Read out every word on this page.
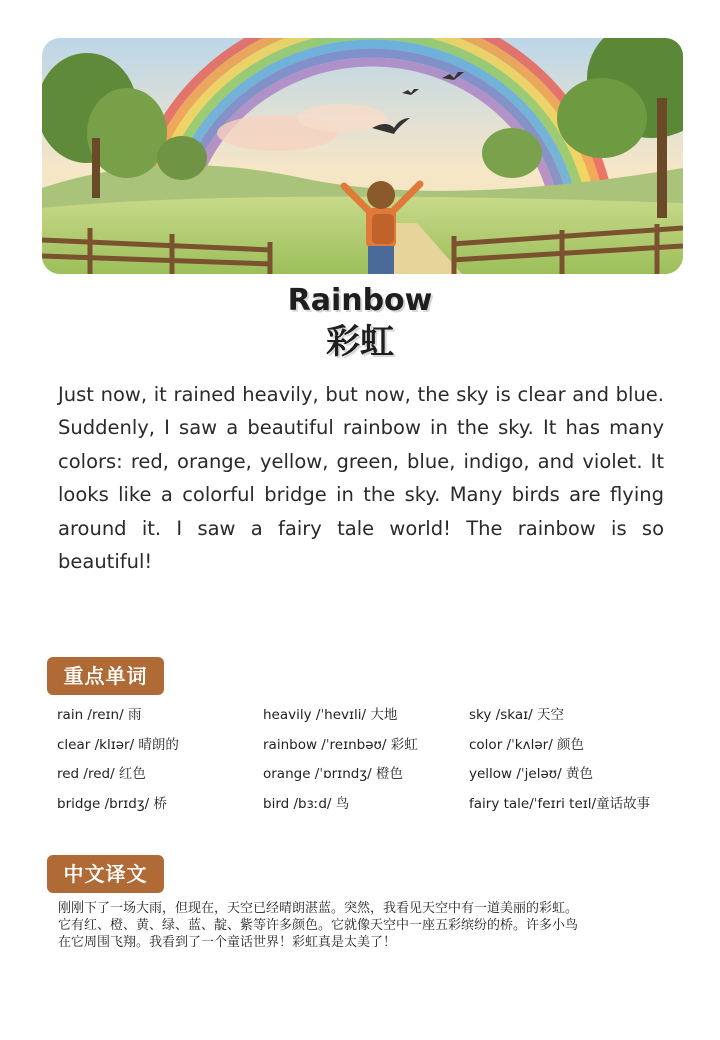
Rainbow
彩虹

Just now, it rained heavily, but now, the sky is clear and blue. Suddenly, I saw a beautiful rainbow in the sky. It has many colors: red, orange, yellow, green, blue, indigo, and violet. It looks like a colorful bridge in the sky. Many birds are flying around it. I saw a fairy tale world! The rainbow is so beautiful!

重点单词
rain /reɪn/ 雨	heavily /ˈhevɪli/ 大地	sky /skaɪ/ 天空
clear /klɪər/ 晴朗的	rainbow /ˈreɪnbəʊ/ 彩虹	color /ˈkʌlər/ 颜色
red /red/ 红色	orange /ˈɒrɪndʒ/ 橙色	yellow /ˈjeləʊ/ 黄色
bridge /brɪdʒ/ 桥	bird /bɜːd/ 鸟	fairy tale/ˈfeɪri teɪl/童话故事
中文译文

刚刚下了一场大雨，但现在，天空已经晴朗湛蓝。突然，我看见天空中有一道美丽的彩虹。它有红、橙、黄、绿、蓝、靛、紫等许多颜色。它就像天空中一座五彩缤纷的桥。许多小鸟在它周围飞翔。我看到了一个童话世界！彩虹真是太美了！
